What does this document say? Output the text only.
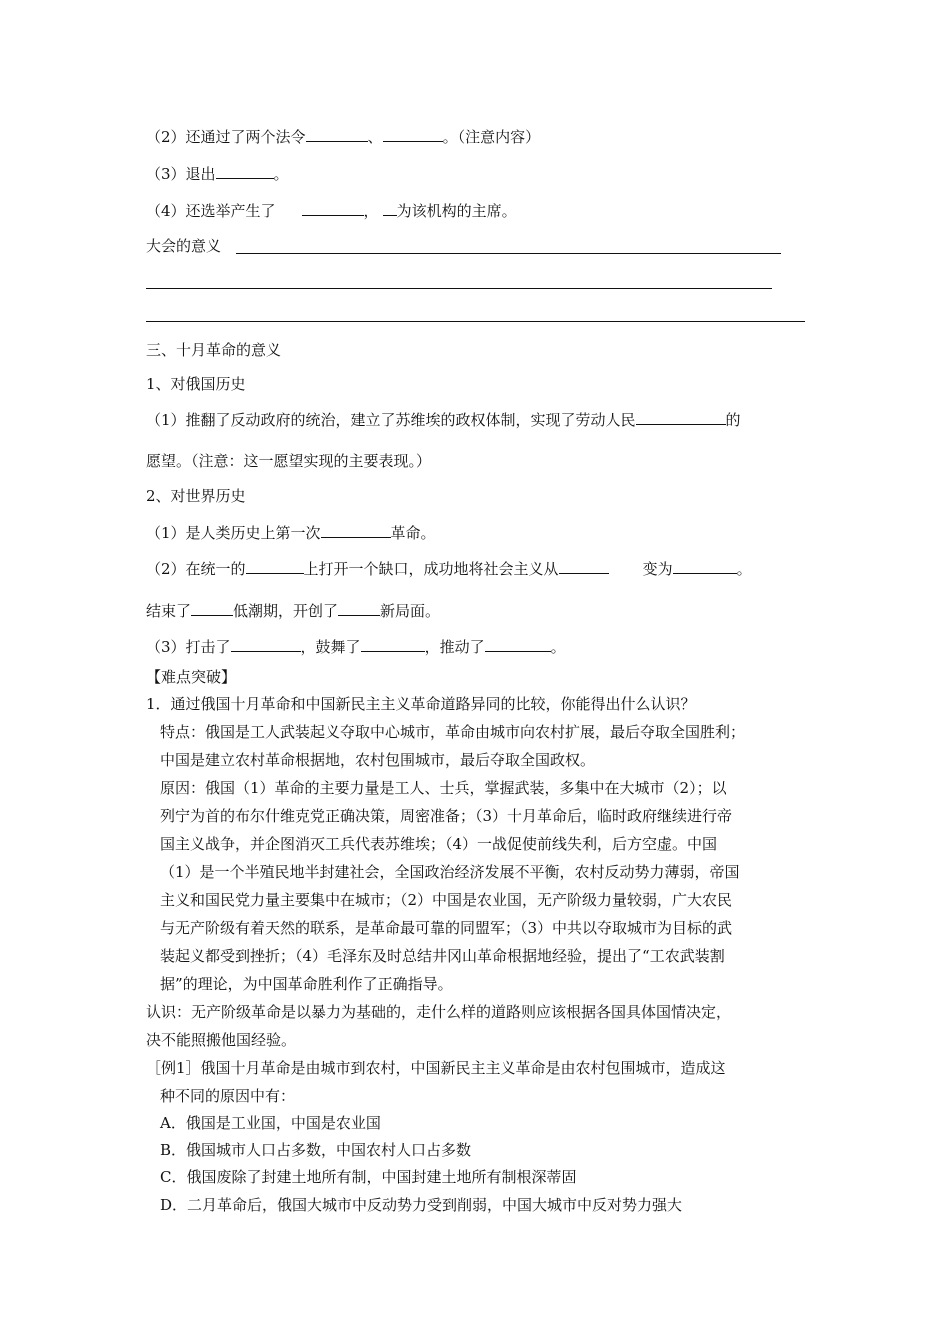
（2）还通过了两个法令	、	。（注意内容）
（3）退出	。
（4）还选举产生了	， 为该机构的主席。
大会的意义
三、十月革命的意义
1、对俄国历史
（1）推翻了反动政府的统治，建立了苏维埃的政权体制，实现了劳动人民	的
愿望。（注意：这一愿望实现的主要表现。）
2、对世界历史
（1）是人类历史上第一次	革命。
（2）在统一的	上打开一个缺口，成功地将社会主义从	变为	。
结束了	低潮期，开创了	新局面。
（3）打击了	，鼓舞了	，推动了	。
【难点突破】
1．通过俄国十月革命和中国新民主主义革命道路异同的比较，你能得出什么认识？
特点：俄国是工人武装起义夺取中心城市，革命由城市向农村扩展，最后夺取全国胜利；
中国是建立农村革命根据地，农村包围城市，最后夺取全国政权。
原因：俄国（1）革命的主要力量是工人、士兵，掌握武装，多集中在大城市（2）；以
列宁为首的布尔什维克党正确决策，周密准备；（3）十月革命后，临时政府继续进行帝
国主义战争，并企图消灭工兵代表苏维埃；（4）一战促使前线失利，后方空虚。中国
（1）是一个半殖民地半封建社会，全国政治经济发展不平衡，农村反动势力薄弱，帝国
主义和国民党力量主要集中在城市；（2）中国是农业国，无产阶级力量较弱，广大农民
与无产阶级有着天然的联系，是革命最可靠的同盟军；（3）中共以夺取城市为目标的武
装起义都受到挫折；（4）毛泽东及时总结井冈山革命根据地经验，提出了“工农武装割
据”的理论，为中国革命胜利作了正确指导。
认识：无产阶级革命是以暴力为基础的，走什么样的道路则应该根据各国具体国情决定，
决不能照搬他国经验。
［例1］俄国十月革命是由城市到农村，中国新民主主义革命是由农村包围城市，造成这
种不同的原因中有：
A．俄国是工业国，中国是农业国
B．俄国城市人口占多数，中国农村人口占多数
C．俄国废除了封建土地所有制，中国封建土地所有制根深蒂固
D．二月革命后，俄国大城市中反动势力受到削弱，中国大城市中反对势力强大
